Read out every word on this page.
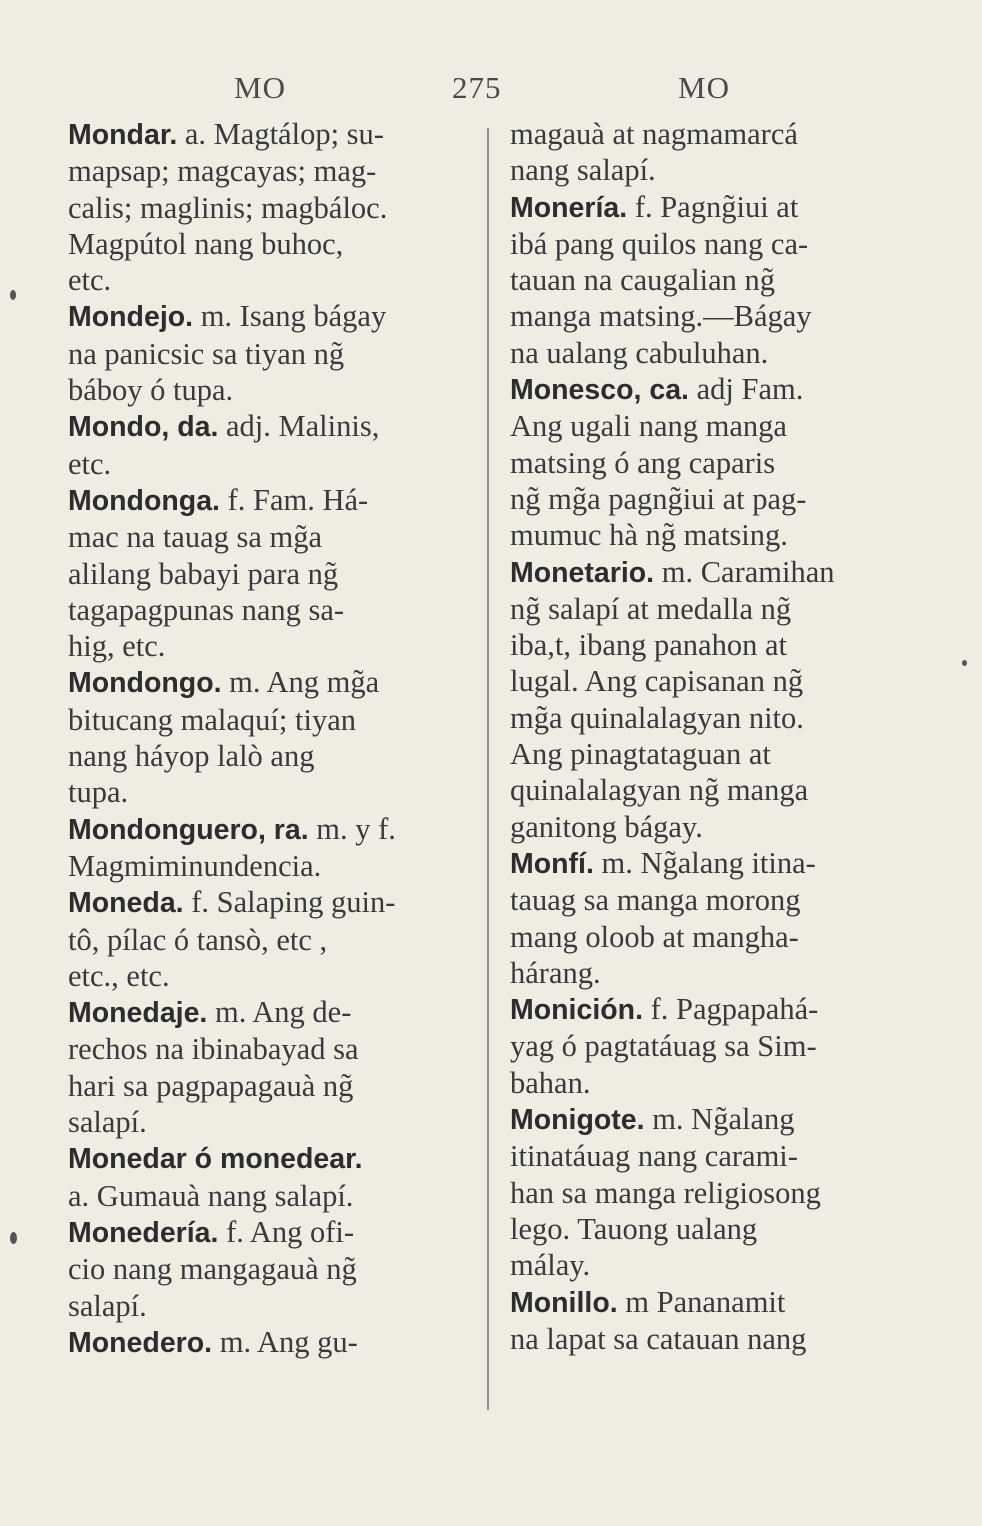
MO	275	MO
Mondar. a. Magtálop; su-
mapsap; magcayas; mag-
calis; maglinis; magbáloc.
Magpútol nang buhoc,
etc.
Mondejo. m. Isang bágay
na panicsic sa tiyan ng̃
báboy ó tupa.
Mondo, da. adj. Malinis,
etc.
Mondonga. f. Fam. Há-
mac na tauag sa mg̃a
alilang babayi para ng̃
tagapagpunas nang sa-
hig, etc.
Mondongo. m. Ang mg̃a
bitucang malaquí; tiyan
nang háyop lalò ang
tupa.
Mondonguero, ra. m. y f.
Magmiminundencia.
Moneda. f. Salaping guin-
tô, pílac ó tansò, etc ,
etc., etc.
Monedaje. m. Ang de-
rechos na ibinabayad sa
hari sa pagpapagauà ng̃
salapí.
Monedar ó monedear.
a. Gumauà nang salapí.
Monedería. f. Ang ofi-
cio nang mangagauà ng̃
salapí.
Monedero. m. Ang gu-
magauà at nagmamarcá
nang salapí.
Monería. f. Pagng̃iui at
ibá pang quilos nang ca-
tauan na caugalian ng̃
manga matsing.—Bágay
na ualang cabuluhan.
Monesco, ca. adj Fam.
Ang ugali nang manga
matsing ó ang caparis
ng̃ mg̃a pagng̃iui at pag-
mumuc hà ng̃ matsing.
Monetario. m. Caramihan
ng̃ salapí at medalla ng̃
iba,t, ibang panahon at
lugal. Ang capisanan ng̃
mg̃a quinalalagyan nito.
Ang pinagtataguan at
quinalalagyan ng̃ manga
ganitong bágay.
Monfí. m. Ng̃alang itina-
tauag sa manga morong
mang oloob at mangha-
hárang.
Monición. f. Pagpapahá-
yag ó pagtatáuag sa Sim-
bahan.
Monigote. m. Ng̃alang
itinatáuag nang carami-
han sa manga religiosong
lego. Tauong ualang
málay.
Monillo. m Pananamit
na lapat sa catauan nang
